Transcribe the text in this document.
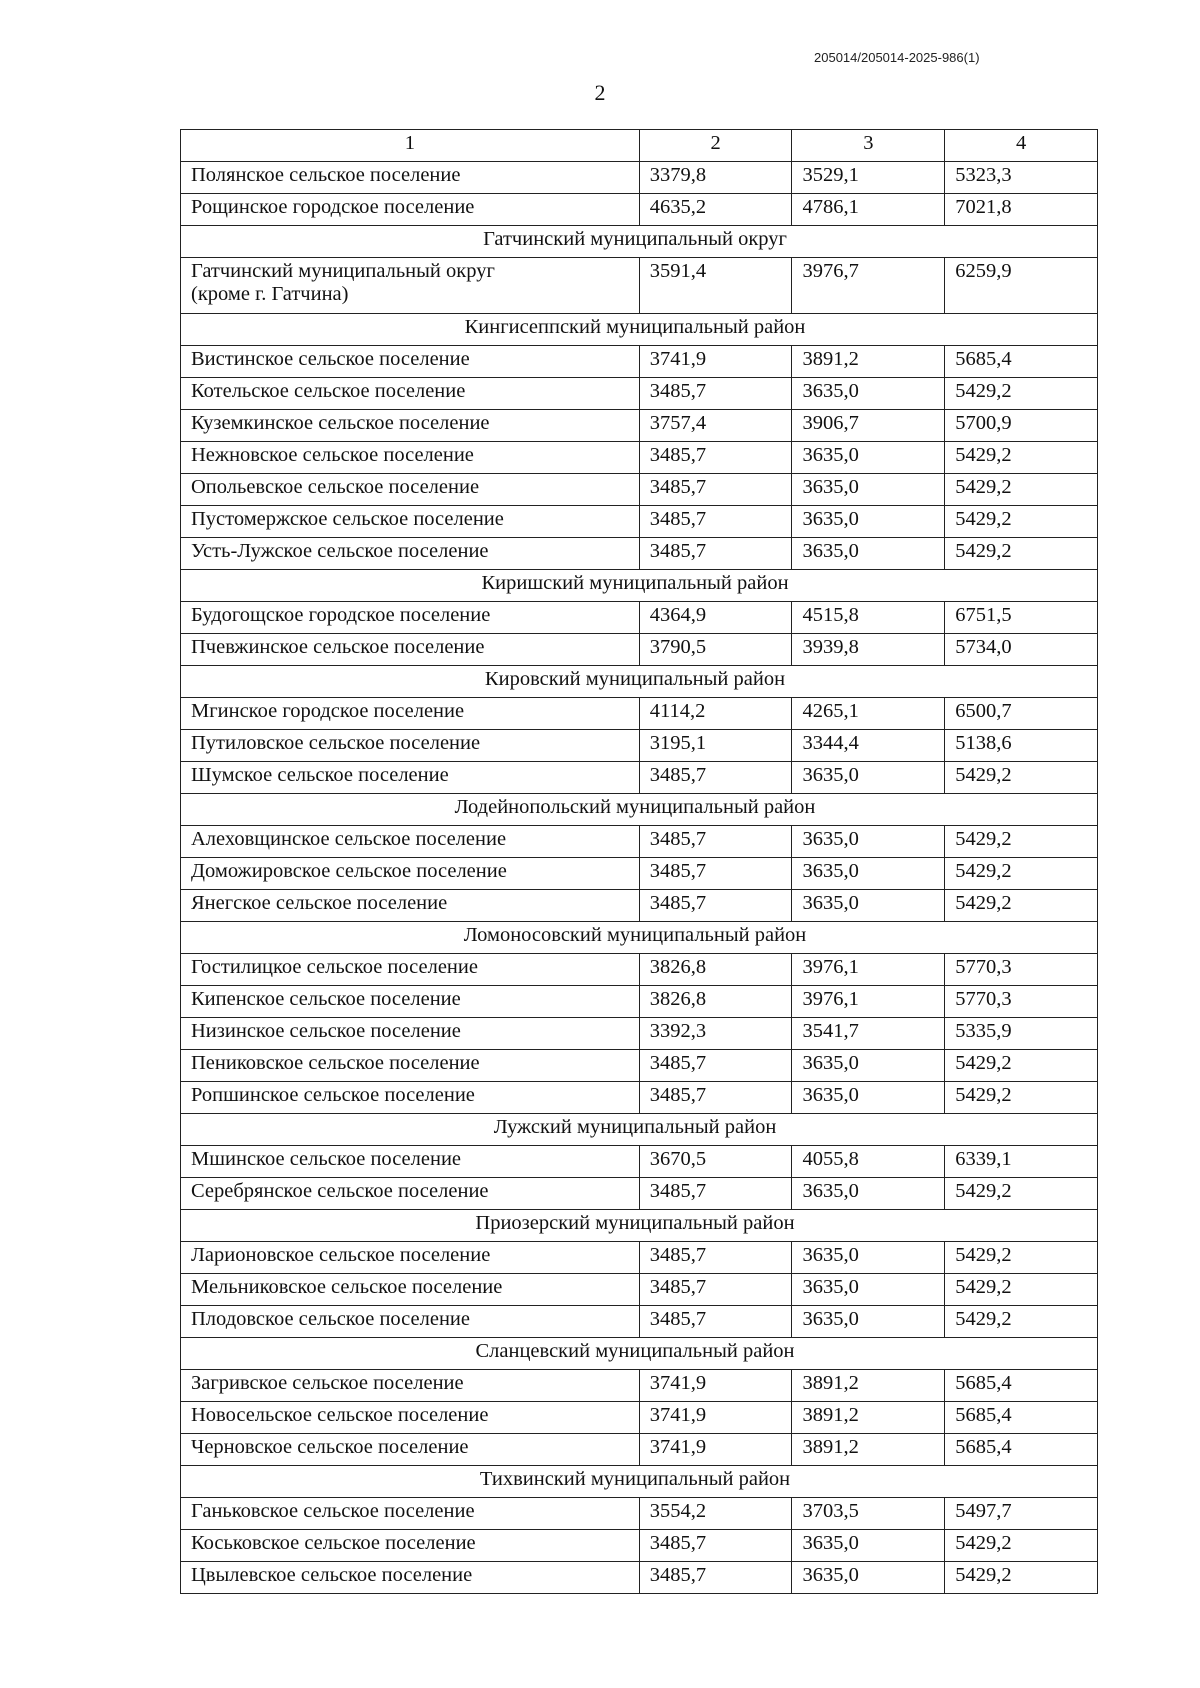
205014/205014-2025-986(1)
2
1	2	3	4

Полянское сельское поселение	3379,8	3529,1	5323,3

Рощинское городское поселение	4635,2	4786,1	7021,8
Гатчинский муниципальный округ			

Гатчинский муниципальный округ
(кроме г. Гатчина)	3591,4	3976,7	6259,9
Кингисеппский муниципальный район			

Вистинское сельское поселение	3741,9	3891,2	5685,4

Котельское сельское поселение	3485,7	3635,0	5429,2

Куземкинское сельское поселение	3757,4	3906,7	5700,9

Нежновское сельское поселение	3485,7	3635,0	5429,2

Опольевское сельское поселение	3485,7	3635,0	5429,2

Пустомержское сельское поселение	3485,7	3635,0	5429,2

Усть-Лужское сельское поселение	3485,7	3635,0	5429,2
Киришский муниципальный район			

Будогощское городское поселение	4364,9	4515,8	6751,5

Пчевжинское сельское поселение	3790,5	3939,8	5734,0
Кировский муниципальный район			

Мгинское городское поселение	4114,2	4265,1	6500,7

Путиловское сельское поселение	3195,1	3344,4	5138,6

Шумское сельское поселение	3485,7	3635,0	5429,2
Лодейнопольский муниципальный район			

Алеховщинское сельское поселение	3485,7	3635,0	5429,2

Доможировское сельское поселение	3485,7	3635,0	5429,2

Янегское сельское поселение	3485,7	3635,0	5429,2
Ломоносовский муниципальный район			

Гостилицкое сельское поселение	3826,8	3976,1	5770,3

Кипенское сельское поселение	3826,8	3976,1	5770,3

Низинское сельское поселение	3392,3	3541,7	5335,9

Пениковское сельское поселение	3485,7	3635,0	5429,2

Ропшинское сельское поселение	3485,7	3635,0	5429,2
Лужский муниципальный район			

Мшинское сельское поселение	3670,5	4055,8	6339,1

Серебрянское сельское поселение	3485,7	3635,0	5429,2
Приозерский муниципальный район			

Ларионовское сельское поселение	3485,7	3635,0	5429,2

Мельниковское сельское поселение	3485,7	3635,0	5429,2

Плодовское сельское поселение	3485,7	3635,0	5429,2
Сланцевский муниципальный район			

Загривское сельское поселение	3741,9	3891,2	5685,4

Новосельское сельское поселение	3741,9	3891,2	5685,4

Черновское сельское поселение	3741,9	3891,2	5685,4
Тихвинский муниципальный район			

Ганьковское сельское поселение	3554,2	3703,5	5497,7

Коськовское сельское поселение	3485,7	3635,0	5429,2

Цвылевское сельское поселение	3485,7	3635,0	5429,2
